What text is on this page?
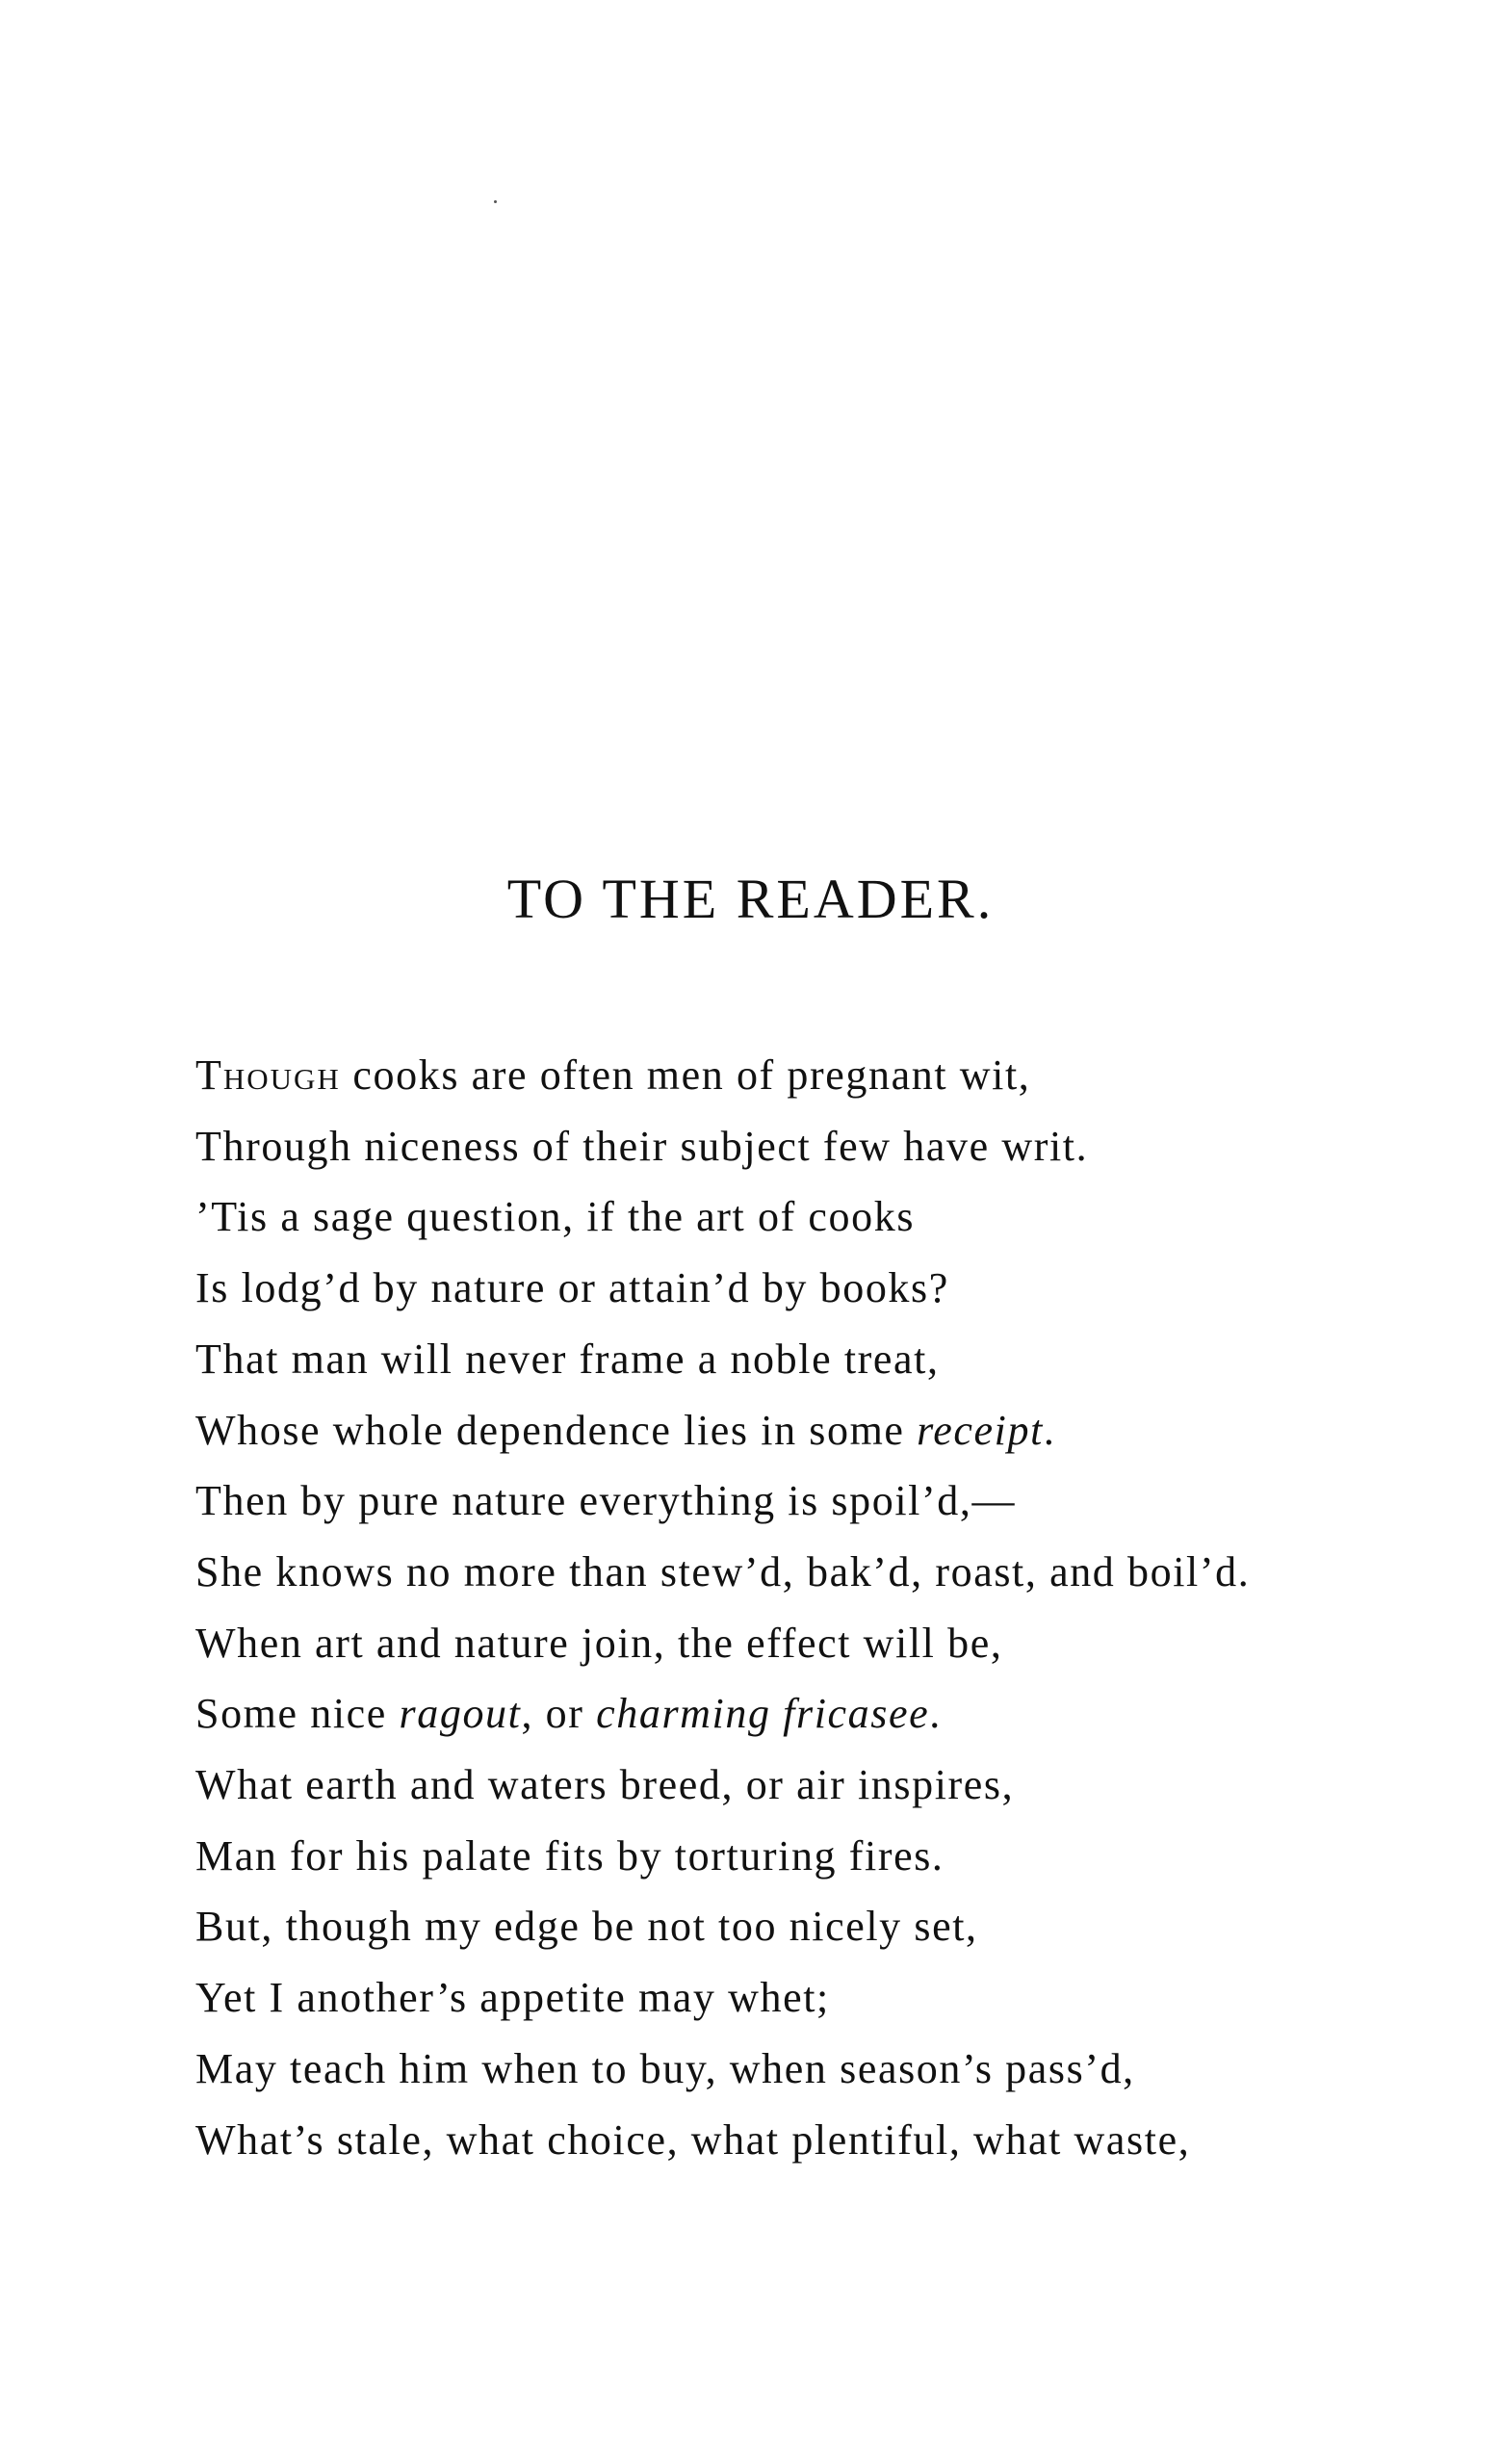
TO THE READER.
Though cooks are often men of pregnant wit,
Through niceness of their subject few have writ.
’Tis a sage question, if the art of cooks
Is lodg’d by nature or attain’d by books?
That man will never frame a noble treat,
Whose whole dependence lies in some receipt.
Then by pure nature everything is spoil’d,—
She knows no more than stew’d, bak’d, roast, and boil’d.
When art and nature join, the effect will be,
Some nice ragout, or charming fricasee.
What earth and waters breed, or air inspires,
Man for his palate fits by torturing fires.
But, though my edge be not too nicely set,
Yet I another’s appetite may whet;
May teach him when to buy, when season’s pass’d,
What’s stale, what choice, what plentiful, what waste,
